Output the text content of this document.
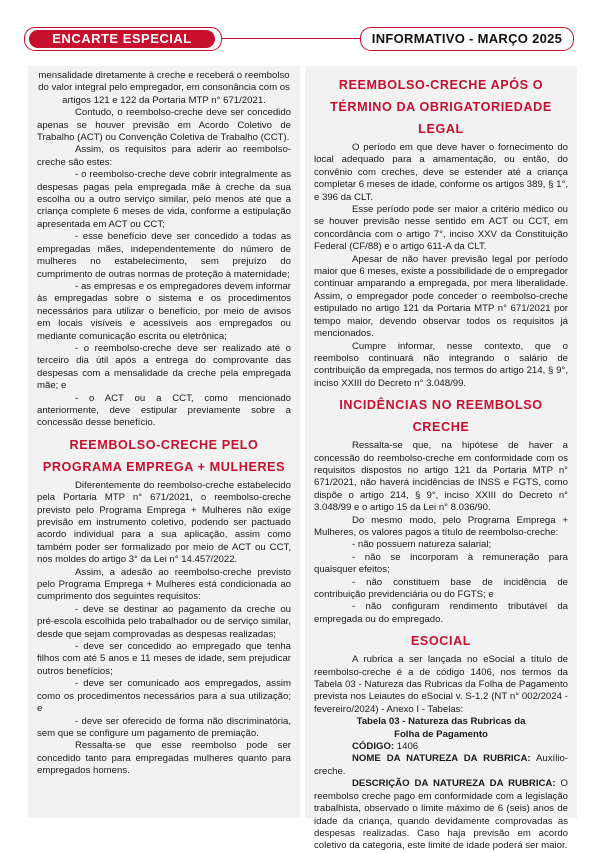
ENCARTE ESPECIAL	INFORMATIVO - MARÇO 2025

mensalidade diretamente à creche e receberá o reembolso do valor integral pelo empregador, em consonância com os artigos 121 e 122 da Portaria MTP n° 671/2021.

Contudo, o reembolso-creche deve ser concedido apenas se houver previsão em Acordo Coletivo de Trabalho (ACT) ou Convenção Coletiva de Trabalho (CCT).

Assim, os requisitos para aderir ao reembolso-creche são estes:

- o reembolso-creche deve cobrir integralmente as despesas pagas pela empregada mãe à creche da sua escolha ou a outro serviço similar, pelo menos até que a criança complete 6 meses de vida, conforme a estipulação apresentada em ACT ou CCT;

- esse benefício deve ser concedido a todas as empregadas mães, independentemente do número de mulheres no estabelecimento, sem prejuízo do cumprimento de outras normas de proteção à maternidade;

- as empresas e os empregadores devem informar às empregadas sobre o sistema e os procedimentos necessários para utilizar o benefício, por meio de avisos em locais visíveis e acessíveis aos empregados ou mediante comunicação escrita ou eletrônica;

- o reembolso-creche deve ser realizado até o terceiro dia útil após a entrega do comprovante das despesas com a mensalidade da creche pela empregada mãe; e

- o ACT ou a CCT, como mencionado anteriormente, deve estipular previamente sobre a concessão desse benefício.

REEMBOLSO-CRECHE PELO
PROGRAMA EMPREGA + MULHERES

Diferentemente do reembolso-creche estabelecido pela Portaria MTP n° 671/2021, o reembolso-creche previsto pelo Programa Emprega + Mulheres não exige previsão em instrumento coletivo, podendo ser pactuado acordo individual para a sua aplicação, assim como também poder ser formalizado por meio de ACT ou CCT, nos moldes do artigo 3° da Lei n° 14.457/2022.

Assim, a adesão ao reembolso-creche previsto pelo Programa Emprega + Mulheres está condicionada ao cumprimento dos seguintes requisitos:

- deve se destinar ao pagamento da creche ou pré-escola escolhida pelo trabalhador ou de serviço similar, desde que sejam comprovadas as despesas realizadas;

- deve ser concedido ao empregado que tenha filhos com até 5 anos e 11 meses de idade, sem prejudicar outros benefícios;

- deve ser comunicado aos empregados, assim como os procedimentos necessários para a sua utilização; e

- deve ser oferecido de forma não discriminatória, sem que se configure um pagamento de premiação.

Ressalta-se que esse reembolso pode ser concedido tanto para empregadas mulheres quanto para empregados homens.

REEMBOLSO-CRECHE APÓS O
TÉRMINO DA OBRIGATORIEDADE
LEGAL

O período em que deve haver o fornecimento do local adequado para a amamentação, ou então, do convênio com creches, deve se estender até a criança completar 6 meses de idade, conforme os artigos 389, § 1°, e 396 da CLT.

Esse período pode ser maior a critério médico ou se houver previsão nesse sentido em ACT ou CCT, em concordância com o artigo 7°, inciso XXV da Constituição Federal (CF/88) e o artigo 611-A da CLT.

Apesar de não haver previsão legal por período maior que 6 meses, existe a possibilidade de o empregador continuar amparando a empregada, por mera liberalidade. Assim, o empregador pode conceder o reembolso-creche estipulado no artigo 121 da Portaria MTP n° 671/2021 por tempo maior, devendo observar todos os requisitos já mencionados.

Cumpre informar, nesse contexto, que o reembolso continuará não integrando o salário de contribuição da empregada, nos termos do artigo 214, § 9°, inciso XXIII do Decreto n° 3.048/99.

INCIDÊNCIAS NO REEMBOLSO
CRECHE

Ressalta-se que, na hipótese de haver a concessão do reembolso-creche em conformidade com os requisitos dispostos no artigo 121 da Portaria MTP n° 671/2021, não haverá incidências de INSS e FGTS, como dispõe o artigo 214, § 9°, inciso XXIII do Decreto n° 3.048/99 e o artigo 15 da Lei n° 8.036/90.

Do mesmo modo, pelo Programa Emprega + Mulheres, os valores pagos a título de reembolso-creche:

- não possuem natureza salarial;

- não se incorporam à remuneração para quaisquer efeitos;

- não constituem base de incidência de contribuição previdenciária ou do FGTS; e

- não configuram rendimento tributável da empregada ou do empregado.

ESOCIAL

A rubrica a ser lançada no eSocial a título de reembolso-creche é a de código 1406, nos termos da Tabela 03 - Natureza das Rubricas da Folha de Pagamento prevista nos Leiautes do eSocial v. S-1.2 (NT n° 002/2024 - fevereiro/2024) - Anexo I - Tabelas:

Tabela 03 - Natureza das Rubricas da

Folha de Pagamento

CÓDIGO: 1406

NOME DA NATUREZA DA RUBRICA: Auxílio-creche.

DESCRIÇÃO DA NATUREZA DA RUBRICA: O reembolso creche pago em conformidade com a legislação trabalhista, observado o limite máximo de 6 (seis) anos de idade da criança, quando devidamente comprovadas as despesas realizadas. Caso haja previsão em acordo coletivo da categoria, este limite de idade poderá ser maior.
